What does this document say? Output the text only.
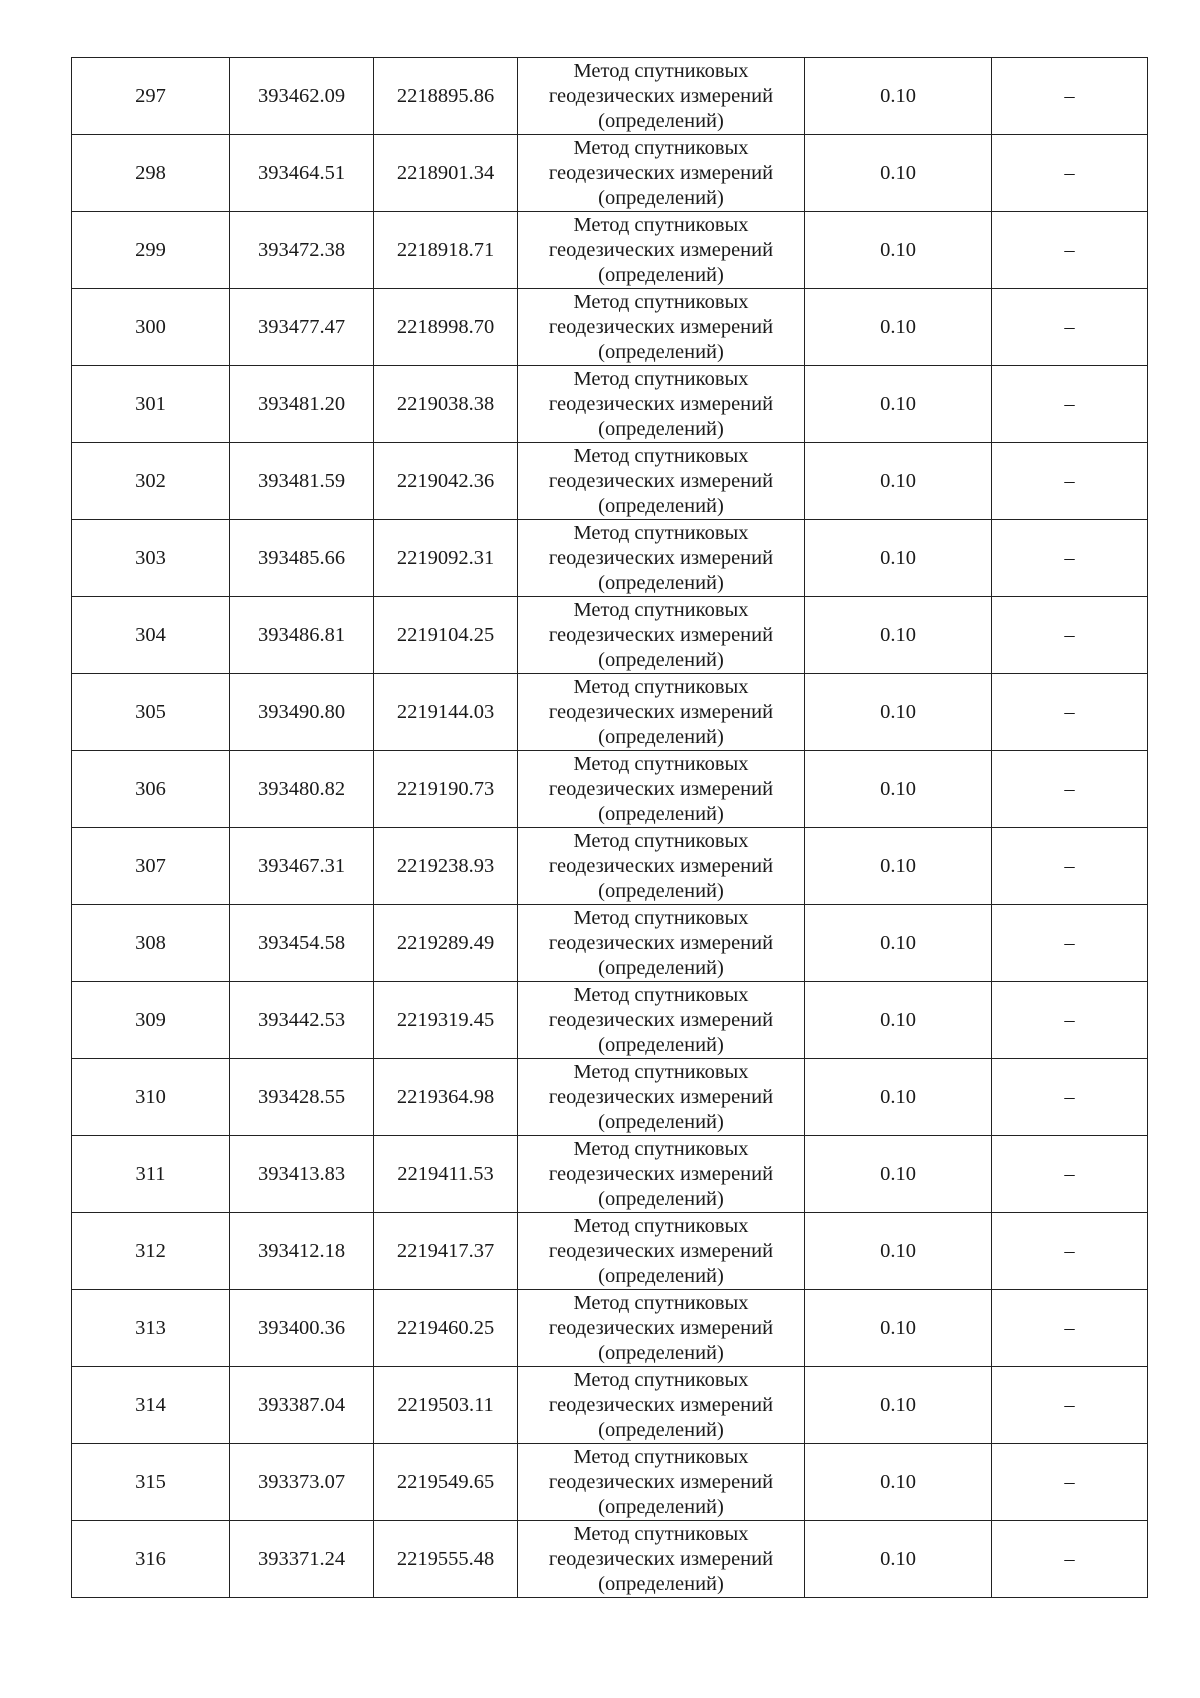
297	393462.09	2218895.86	Метод спутниковых
геодезических измерений
(определений)	0.10	–
298	393464.51	2218901.34	Метод спутниковых
геодезических измерений
(определений)	0.10	–
299	393472.38	2218918.71	Метод спутниковых
геодезических измерений
(определений)	0.10	–
300	393477.47	2218998.70	Метод спутниковых
геодезических измерений
(определений)	0.10	–
301	393481.20	2219038.38	Метод спутниковых
геодезических измерений
(определений)	0.10	–
302	393481.59	2219042.36	Метод спутниковых
геодезических измерений
(определений)	0.10	–
303	393485.66	2219092.31	Метод спутниковых
геодезических измерений
(определений)	0.10	–
304	393486.81	2219104.25	Метод спутниковых
геодезических измерений
(определений)	0.10	–
305	393490.80	2219144.03	Метод спутниковых
геодезических измерений
(определений)	0.10	–
306	393480.82	2219190.73	Метод спутниковых
геодезических измерений
(определений)	0.10	–
307	393467.31	2219238.93	Метод спутниковых
геодезических измерений
(определений)	0.10	–
308	393454.58	2219289.49	Метод спутниковых
геодезических измерений
(определений)	0.10	–
309	393442.53	2219319.45	Метод спутниковых
геодезических измерений
(определений)	0.10	–
310	393428.55	2219364.98	Метод спутниковых
геодезических измерений
(определений)	0.10	–
311	393413.83	2219411.53	Метод спутниковых
геодезических измерений
(определений)	0.10	–
312	393412.18	2219417.37	Метод спутниковых
геодезических измерений
(определений)	0.10	–
313	393400.36	2219460.25	Метод спутниковых
геодезических измерений
(определений)	0.10	–
314	393387.04	2219503.11	Метод спутниковых
геодезических измерений
(определений)	0.10	–
315	393373.07	2219549.65	Метод спутниковых
геодезических измерений
(определений)	0.10	–
316	393371.24	2219555.48	Метод спутниковых
геодезических измерений
(определений)	0.10	–
